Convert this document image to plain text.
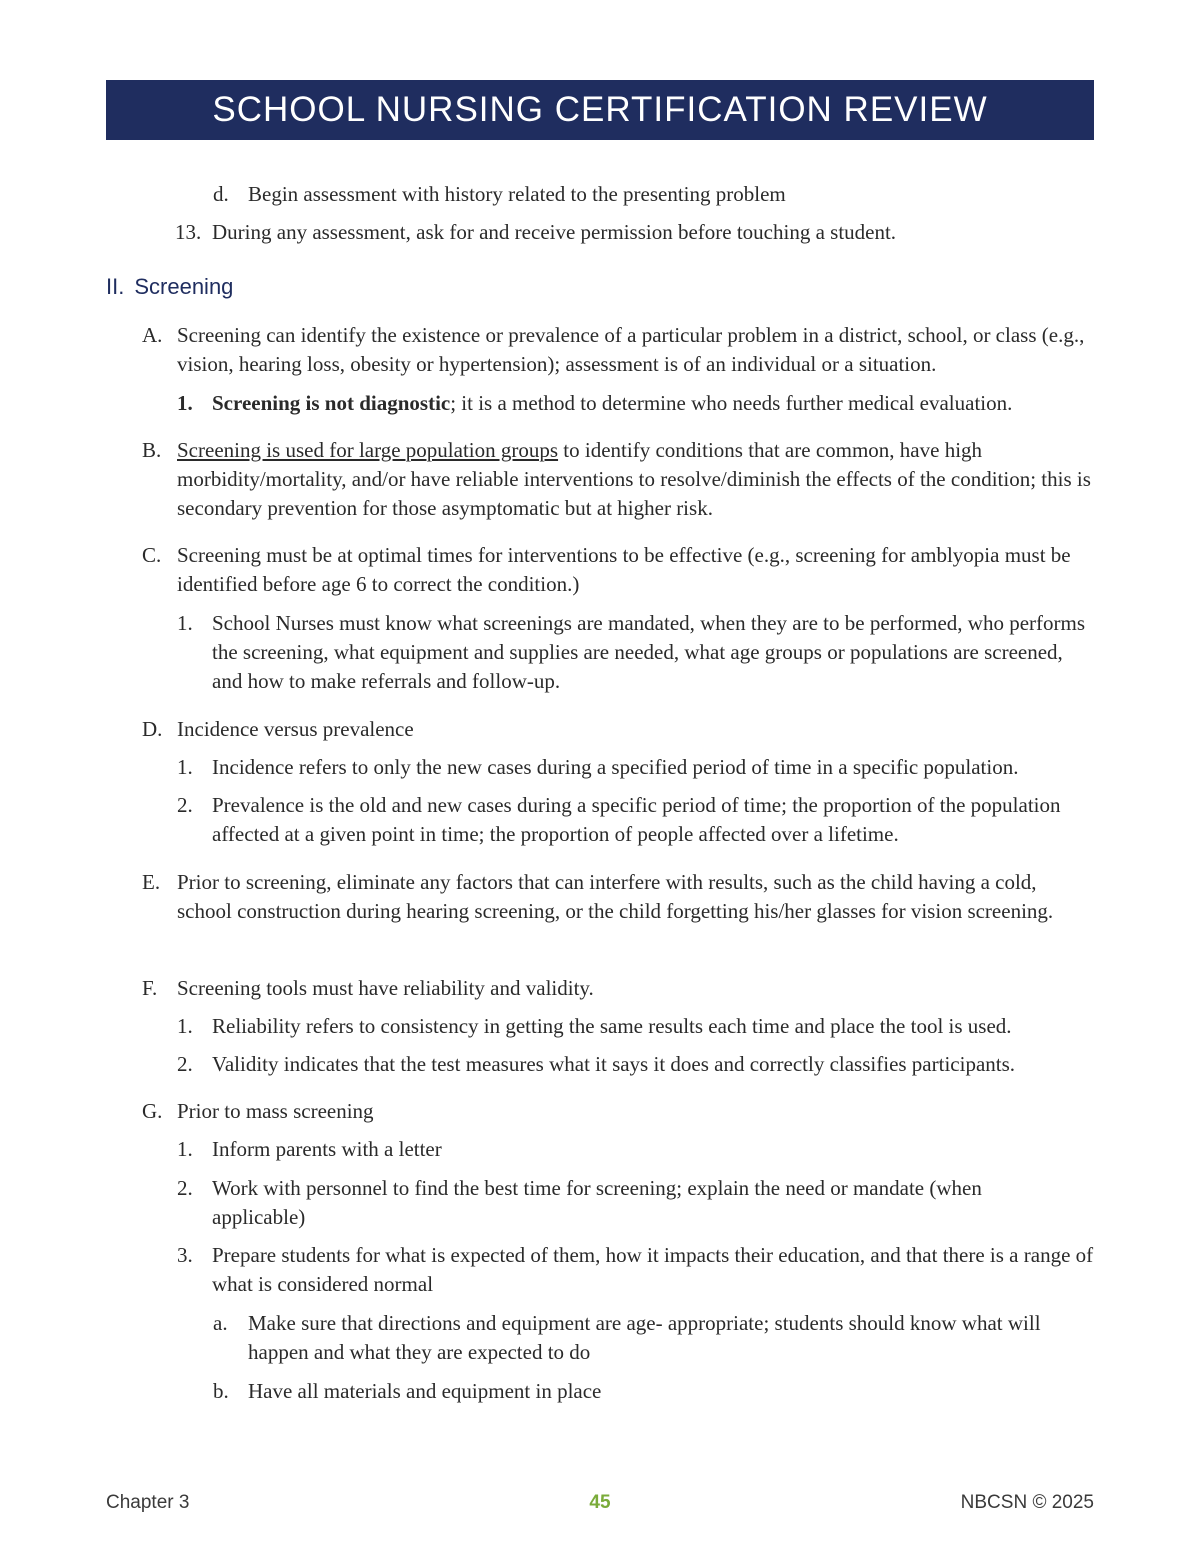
SCHOOL NURSING CERTIFICATION REVIEW
d. Begin assessment with history related to the presenting problem
13. During any assessment, ask for and receive permission before touching a student.
II. Screening
A. Screening can identify the existence or prevalence of a particular problem in a district, school, or class (e.g., vision, hearing loss, obesity or hypertension); assessment is of an individual or a situation.
1. Screening is not diagnostic; it is a method to determine who needs further medical evaluation.
B. Screening is used for large population groups to identify conditions that are common, have high morbidity/mortality, and/or have reliable interventions to resolve/diminish the effects of the condition; this is secondary prevention for those asymptomatic but at higher risk.
C. Screening must be at optimal times for interventions to be effective (e.g., screening for amblyopia must be identified before age 6 to correct the condition.)
1. School Nurses must know what screenings are mandated, when they are to be performed, who performs the screening, what equipment and supplies are needed, what age groups or populations are screened, and how to make referrals and follow-up.
D. Incidence versus prevalence
1. Incidence refers to only the new cases during a specified period of time in a specific population.
2. Prevalence is the old and new cases during a specific period of time; the proportion of the population affected at a given point in time; the proportion of people affected over a lifetime.
E. Prior to screening, eliminate any factors that can interfere with results, such as the child having a cold, school construction during hearing screening, or the child forgetting his/her glasses for vision screening.
F. Screening tools must have reliability and validity.
1. Reliability refers to consistency in getting the same results each time and place the tool is used.
2. Validity indicates that the test measures what it says it does and correctly classifies participants.
G. Prior to mass screening
1. Inform parents with a letter
2. Work with personnel to find the best time for screening; explain the need or mandate (when applicable)
3. Prepare students for what is expected of them, how it impacts their education, and that there is a range of what is considered normal
a. Make sure that directions and equipment are age- appropriate; students should know what will happen and what they are expected to do
b. Have all materials and equipment in place
Chapter 3	45	NBCSN © 2025
